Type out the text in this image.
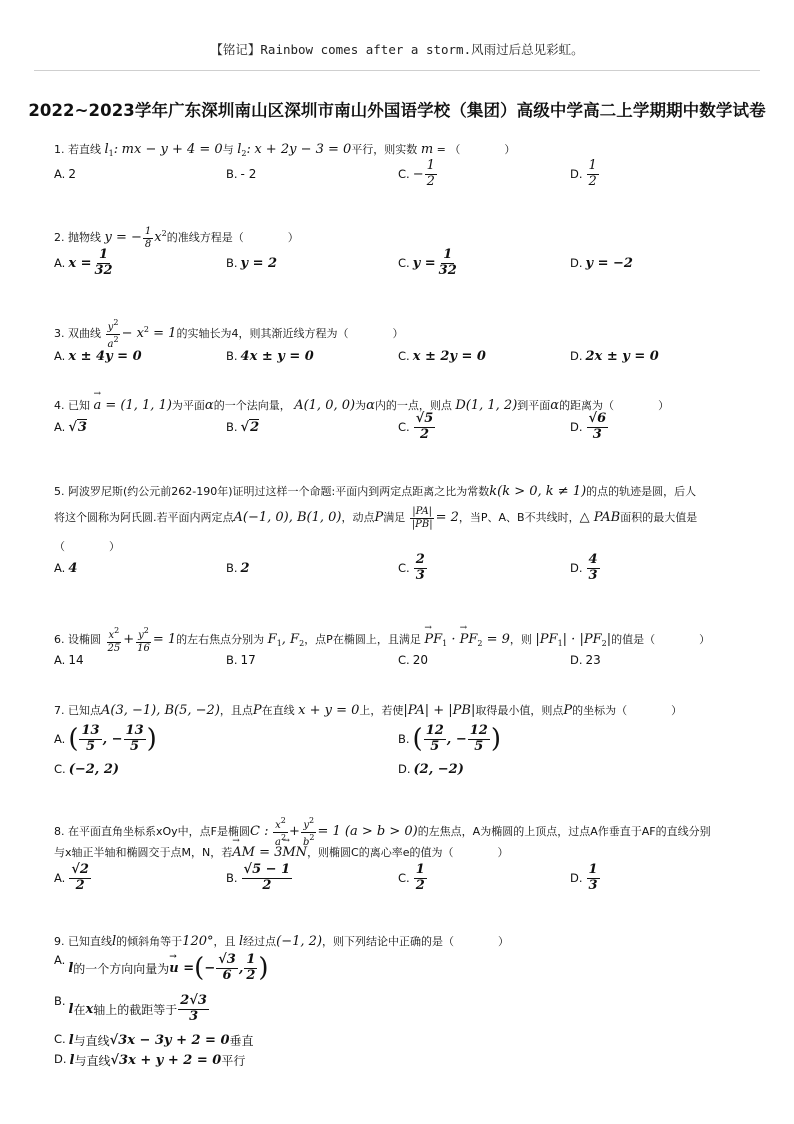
【铭记】Rainbow comes after a storm.风雨过后总见彩虹。
2022~2023学年广东深圳南山区深圳市南山外国语学校（集团）高级中学高二上学期期中数学试卷
1. 若直线 $l_1$: mx − y + 4 = 0与 $l_2$: x + 2y − 3 = 0平行，则实数 m = （	）
A. 2	B. - 2	C. − $\frac{1}{2}$	D. $\frac{1}{2}$
2. 抛物线 y = − $\frac{1}{8} x^2$的准线方程是（	）
A. $x = \frac{1}{32}$	B. y = 2	C. $y = \frac{1}{32}$	D. y = −2
3. 双曲线 $\frac{y^2}{a^2} - x^2 = 1$的实轴长为4，则其渐近线方程为（	）
A. x ± 4y = 0	B. 4x ± y = 0	C. x ± 2y = 0	D. 2x ± y = 0
4. 已知 → a = (1, 1, 1)为平面α的一个法向量， A(1, 0, 0)为α内的一点，则点 D(1, 1, 2)到平面α的距离为（	）
A. √ 3	B. √ 2	C. $\frac{√5}{2}$	D. $\frac{√6}{3}$
5. 阿波罗尼斯(约公元前262-190年)证明过这样一个命题:平面内到两定点距离之比为常数k(k > 0, k ≠ 1)的点的轨迹是圆，后人
将这个圆称为阿氏圆.若平面内两定点A(−1, 0), B(1, 0)，动点P满足 $\frac{|PA|}{|PB|} = 2$，当P、A、B不共线时，△ PAB面积的最大值是
（	）
A. 4	B. 2	C. $\frac{2}{3}$	D. $\frac{4}{3}$
6. 设椭圆 $\frac{x^2}{25} + \frac{y^2}{16} = 1$的左右焦点分别为 $F_1$, $F_2$，点P在椭圆上，且满足 → $PF_1$ · → $PF_2 = 9$，则 $|PF_1| \cdot |PF_2|$的值是（	）
A. 14	B. 17	C. 20	D. 23
7. 已知点A(3, −1), B(5, −2)，且点P在直线 x + y = 0上，若使|PA| + |PB|取得最小值，则点P的坐标为（	）
A. ( $\frac{13}{5}$ , − $\frac{13}{5}$ )	B. ( $\frac{12}{5}$ , − $\frac{12}{5}$ )
C. (−2, 2)	D. (2, −2)
8. 在平面直角坐标系xOy中，点F是椭圆C : $\frac{x^2}{a^2} + \frac{y^2}{b^2} = 1$ (a > b > 0)的左焦点，A为椭圆的上顶点，过点A作垂直于AF的直线分别
与x轴正半轴和椭圆交于点M，N，若→ AM = 3→ MN，则椭圆C的离心率e的值为（	）
A. $\frac{√2}{2}$	B. $\frac{√5 - 1}{2}$	C. $\frac{1}{2}$	D. $\frac{1}{3}$
9. 已知直线l的倾斜角等于120°，且 l经过点(−1, 2)，则下列结论中正确的是（	）
A.
l 的一个方向向量为 → u = ( − $\frac{√3}{6}$ , $\frac{1}{2}$ )
B.
l 在 x 轴上的截距等于 $\frac{2√3}{3}$
C. l 与直线 √3x − 3y + 2 = 0 垂直
D. l 与直线 √3x + y + 2 = 0 平行
